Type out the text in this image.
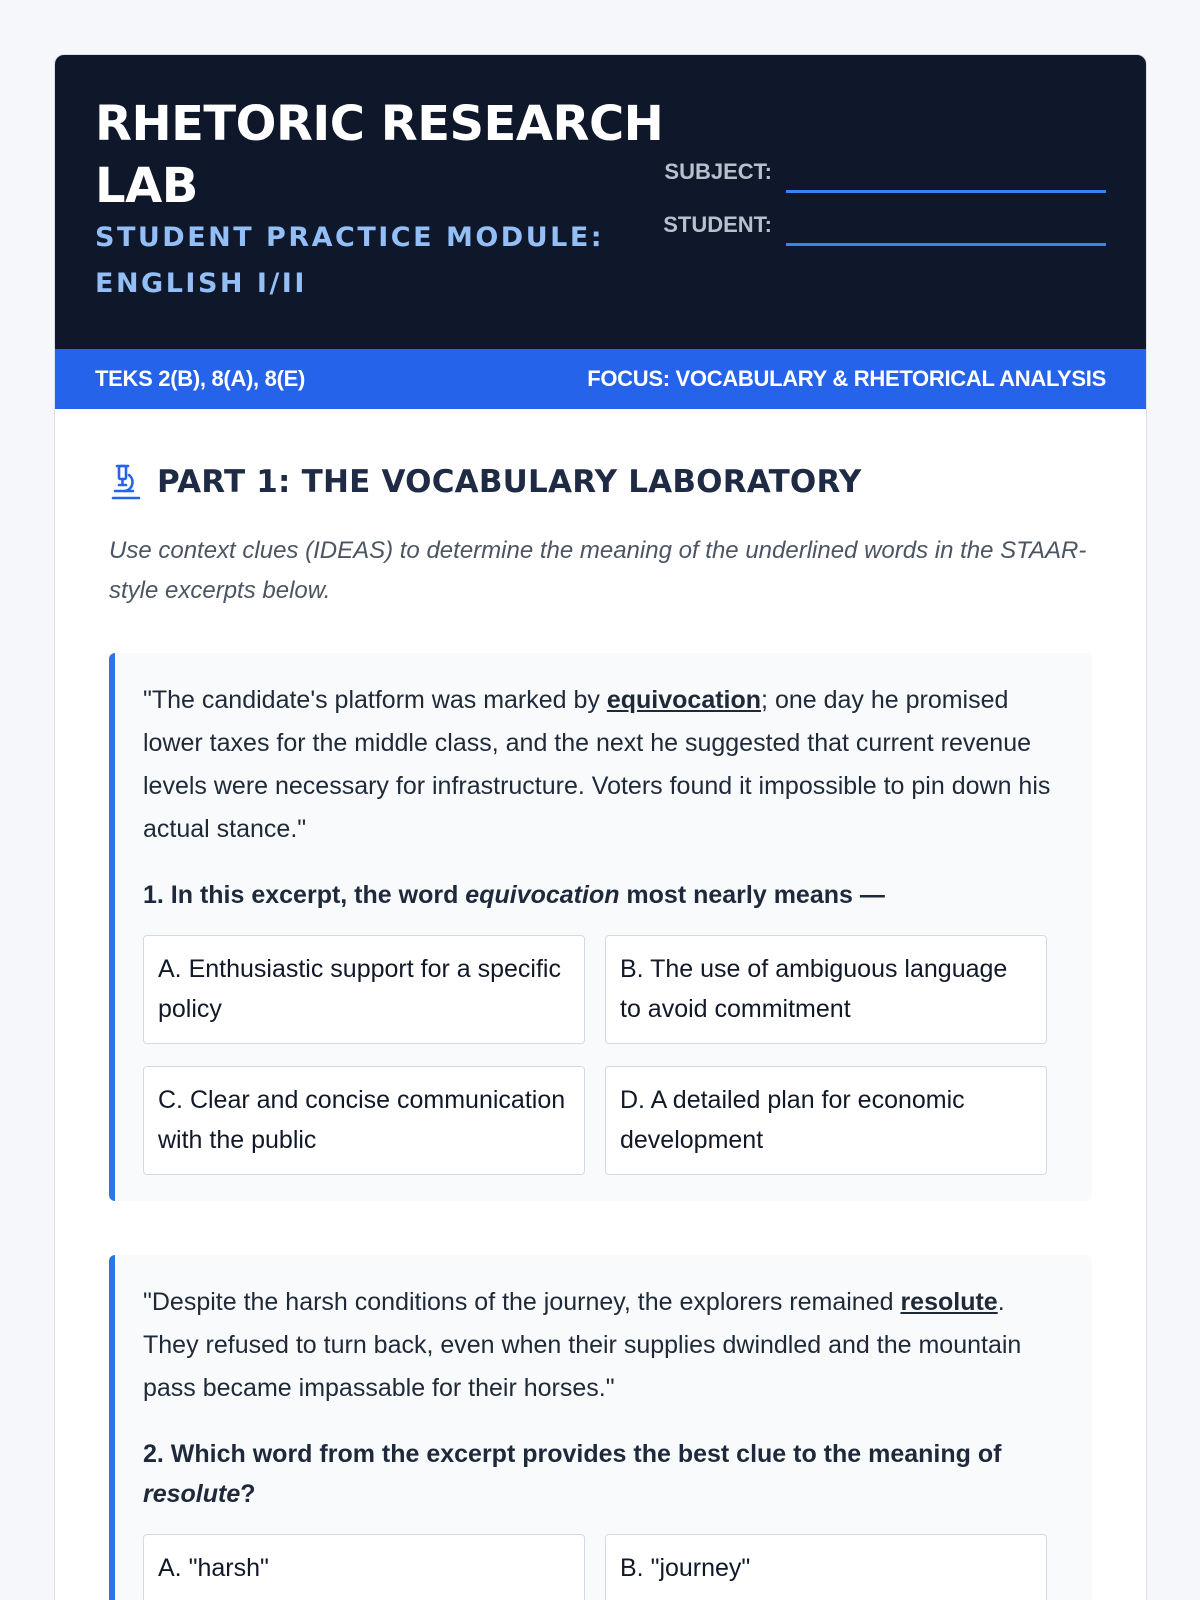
RHETORIC RESEARCH LAB
STUDENT PRACTICE MODULE: ENGLISH I/II
SUBJECT:
STUDENT:
TEKS 2(B), 8(A), 8(E)	FOCUS: VOCABULARY & RHETORICAL ANALYSIS
PART 1: THE VOCABULARY LABORATORY

Use context clues (IDEAS) to determine the meaning of the underlined words in the STAAR-style excerpts below.

"The candidate's platform was marked by equivocation; one day he promised lower taxes for the middle class, and the next he suggested that current revenue levels were necessary for infrastructure. Voters found it impossible to pin down his actual stance."

1. In this excerpt, the word equivocation most nearly means —

A. Enthusiastic support for a specific policy
B. The use of ambiguous language to avoid commitment
C. Clear and concise communication with the public
D. A detailed plan for economic development

"Despite the harsh conditions of the journey, the explorers remained resolute. They refused to turn back, even when their supplies dwindled and the mountain pass became impassable for their horses."

2. Which word from the excerpt provides the best clue to the meaning of resolute?

A. "harsh"	B. "journey"
